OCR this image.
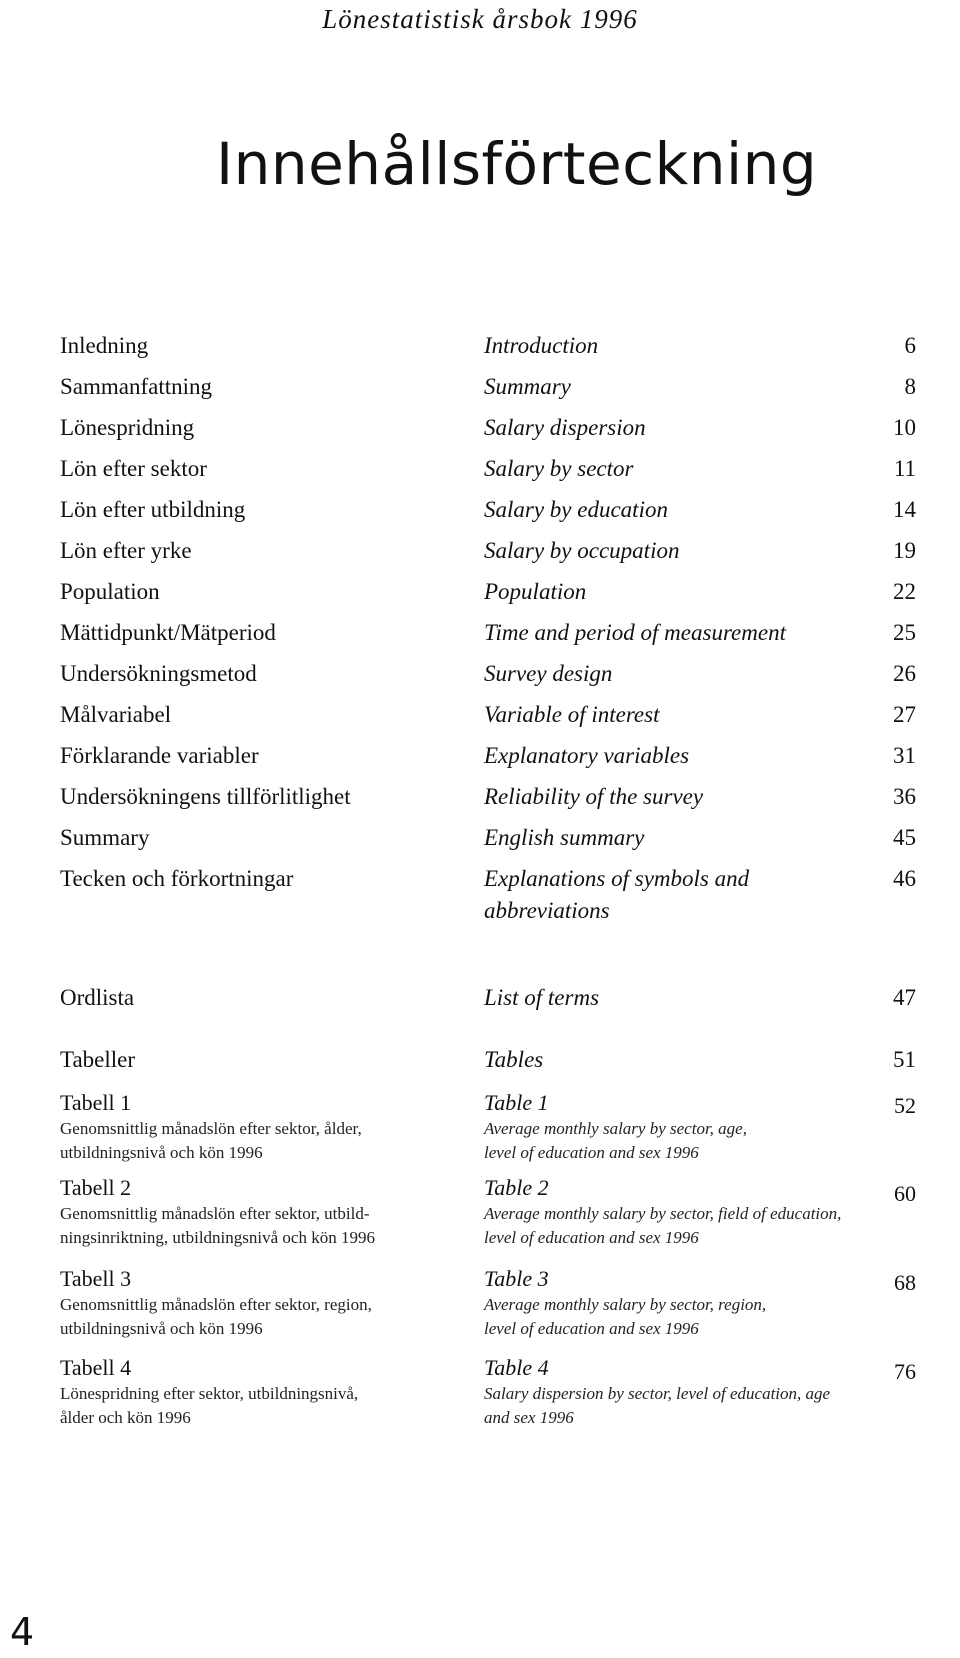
Lönestatistisk årsbok 1996
Innehållsförteckning
Inledning	Introduction	6
Sammanfattning	Summary	8
Lönespridning	Salary dispersion	10
Lön efter sektor	Salary by sector	11
Lön efter utbildning	Salary by education	14
Lön efter yrke	Salary by occupation	19
Population	Population	22
Mättidpunkt/Mätperiod	Time and period of measurement	25
Undersökningsmetod	Survey design	26
Målvariabel	Variable of interest	27
Förklarande variabler	Explanatory variables	31
Undersökningens tillförlitlighet	Reliability of the survey	36
Summary	English summary	45
Tecken och förkortningar	Explanations of symbols and	46
abbreviations
Ordlista	List of terms	47
Tabeller	Tables	51
Tabell 1	Table 1	52
Genomsnittlig månadslön efter sektor, ålder,
utbildningsnivå och kön 1996
Average monthly salary by sector, age,
level of education and sex 1996
Tabell 2	Table 2	60
Genomsnittlig månadslön efter sektor, utbild-
ningsinriktning, utbildningsnivå och kön 1996
Average monthly salary by sector, field of education,
level of education and sex 1996
Tabell 3	Table 3	68
Genomsnittlig månadslön efter sektor, region,
utbildningsnivå och kön 1996
Average monthly salary by sector, region,
level of education and sex 1996
Tabell 4	Table 4	76
Lönespridning efter sektor, utbildningsnivå,
ålder och kön 1996
Salary dispersion by sector, level of education, age
and sex 1996
4
